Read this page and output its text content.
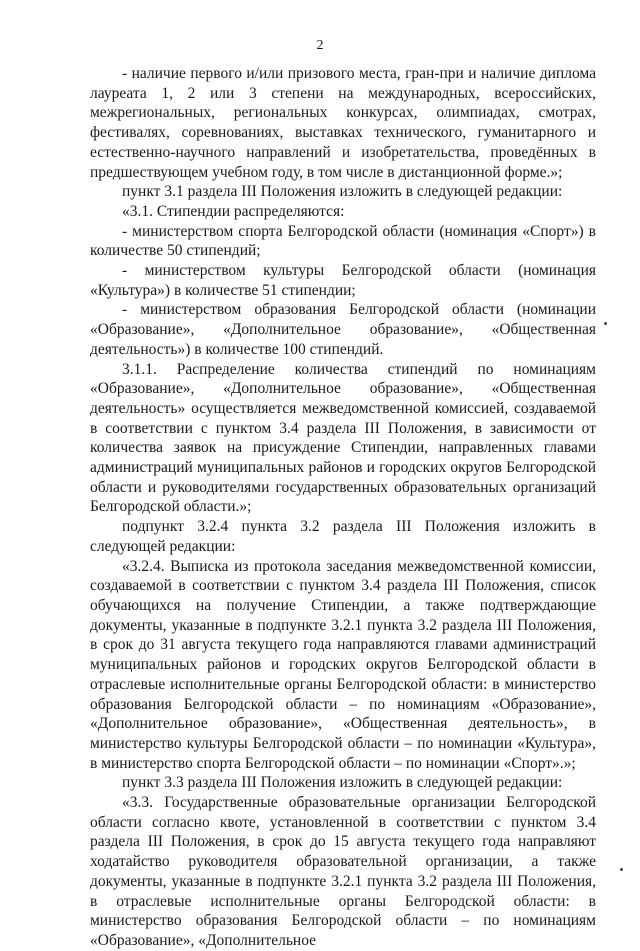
2

- наличие первого и/или призового места, гран-при и наличие диплома лауреата 1, 2 или 3 степени на международных, всероссийских, межрегиональных, региональных конкурсах, олимпиадах, смотрах, фестивалях, соревнованиях, выставках технического, гуманитарного и естественно-научного направлений и изобретательства, проведённых в предшествующем учебном году, в том числе в дистанционной форме.»;

пункт 3.1 раздела III Положения изложить в следующей редакции:

«3.1. Стипендии распределяются:

- министерством спорта Белгородской области (номинация «Спорт») в количестве 50 стипендий;

- министерством культуры Белгородской области (номинация «Культура») в количестве 51 стипендии;

- министерством образования Белгородской области (номинации «Образование», «Дополнительное образование», «Общественная деятельность») в количестве 100 стипендий.

3.1.1. Распределение количества стипендий по номинациям «Образование», «Дополнительное образование», «Общественная деятельность» осуществляется межведомственной комиссией, создаваемой в соответствии с пунктом 3.4 раздела III Положения, в зависимости от количества заявок на присуждение Стипендии, направленных главами администраций муниципальных районов и городских округов Белгородской области и руководителями государственных образовательных организаций Белгородской области.»;

подпункт 3.2.4 пункта 3.2 раздела III Положения изложить в следующей редакции:

«3.2.4. Выписка из протокола заседания межведомственной комиссии, создаваемой в соответствии с пунктом 3.4 раздела III Положения, список обучающихся на получение Стипендии, а также подтверждающие документы, указанные в подпункте 3.2.1 пункта 3.2 раздела III Положения, в срок до 31 августа текущего года направляются главами администраций муниципальных районов и городских округов Белгородской области в отраслевые исполнительные органы Белгородской области: в министерство образования Белгородской области – по номинациям «Образование», «Дополнительное образование», «Общественная деятельность», в министерство культуры Белгородской области – по номинации «Культура», в министерство спорта Белгородской области – по номинации «Спорт».»;

пункт 3.3 раздела III Положения изложить в следующей редакции:

«3.3. Государственные образовательные организации Белгородской области согласно квоте, установленной в соответствии с пунктом 3.4 раздела III Положения, в срок до 15 августа текущего года направляют ходатайство руководителя образовательной организации, а также документы, указанные в подпункте 3.2.1 пункта 3.2 раздела III Положения, в отраслевые исполнительные органы Белгородской области: в министерство образования Белгородской области – по номинациям «Образование», «Дополнительное
